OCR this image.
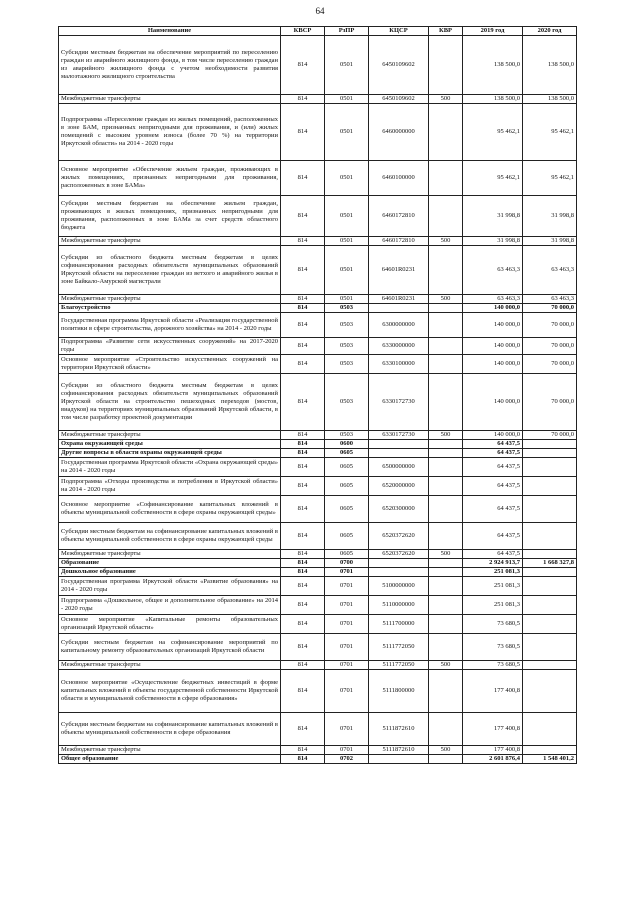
64
Наименование	КВСР	РзПР	КЦСР	КВР	2019 год	2020 год
Субсидии местным бюджетам на обеспечение мероприятий по переселению граждан из аварийного жилищного фонда, в том числе переселению граждан из аварийного жилищного фонда с учетом необходимости развития малоэтажного жилищного строительства	814	0501	6450109602		138 500,0	138 500,0
Межбюджетные трансферты	814	0501	6450109602	500	138 500,0	138 500,0
Подпрограмма «Переселение граждан из жилых помещений, расположенных в зоне БАМ, признанных непригодными для проживания, и (или) жилых помещений с высоким уровнем износа (более 70 %) на территории Иркутской области» на 2014 - 2020 годы	814	0501	6460000000		95 462,1	95 462,1
Основное мероприятие «Обеспечение жильем граждан, проживающих в жилых помещениях, признанных непригодными для проживания, расположенных в зоне БАМа»	814	0501	6460100000		95 462,1	95 462,1
Субсидии местным бюджетам на обеспечение жильем граждан, проживающих в жилых помещениях, признанных непригодными для проживания, расположенных в зоне БАМа за счет средств областного бюджета	814	0501	6460172810		31 998,8	31 998,8
Межбюджетные трансферты	814	0501	6460172810	500	31 998,8	31 998,8
Субсидии из областного бюджета местным бюджетам в целях софинансирования расходных обязательств муниципальных образований Иркутской области на переселение граждан из ветхого и аварийного жилья в зоне Байкало-Амурской магистрали	814	0501	64601R0231		63 463,3	63 463,3
Межбюджетные трансферты	814	0501	64601R0231	500	63 463,3	63 463,3
Благоустройство	814	0503			140 000,0	70 000,0
Государственная программа Иркутской области «Реализация государственной политики в сфере строительства, дорожного хозяйства» на 2014 - 2020 годы	814	0503	6300000000		140 000,0	70 000,0
Подпрограмма «Развитие сети искусственных сооружений» на 2017-2020 годы	814	0503	6330000000		140 000,0	70 000,0
Основное мероприятие «Строительство искусственных сооружений на территории Иркутской области»	814	0503	6330100000		140 000,0	70 000,0
Субсидии из областного бюджета местным бюджетам в целях софинансирования расходных обязательств муниципальных образований Иркутской области на строительство пешеходных переходов (мостов, виадуков) на территориях муниципальных образований Иркутской области, в том числе разработку проектной документации	814	0503	6330172730		140 000,0	70 000,0
Межбюджетные трансферты	814	0503	6330172730	500	140 000,0	70 000,0
Охрана окружающей среды	814	0600			64 437,5	
Другие вопросы в области охраны окружающей среды	814	0605			64 437,5	
Государственная программа Иркутской области «Охрана окружающей среды» на 2014 - 2020 годы	814	0605	6500000000		64 437,5	
Подпрограмма «Отходы производства и потребления в Иркутской области» на 2014 - 2020 годы	814	0605	6520000000		64 437,5	
Основное мероприятие «Софинансирование капитальных вложений в объекты муниципальной собственности в сфере охраны окружающей среды»	814	0605	6520300000		64 437,5	
Субсидии местным бюджетам на софинансирование капитальных вложений в объекты муниципальной собственности в сфере охраны окружающей среды	814	0605	6520372620		64 437,5	
Межбюджетные трансферты	814	0605	6520372620	500	64 437,5	
Образование	814	0700			2 924 913,7	1 668 327,8
Дошкольное образование	814	0701			251 081,3	
Государственная программа Иркутской области «Развитие образования» на 2014 - 2020 годы	814	0701	5100000000		251 081,3	
Подпрограмма «Дошкольное, общее и дополнительное образование» на 2014 - 2020 годы	814	0701	5110000000		251 081,3	
Основное мероприятие «Капитальные ремонты образовательных организаций Иркутской области»	814	0701	5111700000		73 680,5	
Субсидии местным бюджетам на софинансирование мероприятий по капитальному ремонту образовательных организаций Иркутской области	814	0701	5111772050		73 680,5	
Межбюджетные трансферты	814	0701	5111772050	500	73 680,5	
Основное мероприятие «Осуществление бюджетных инвестиций в форме капитальных вложений в объекты государственной собственности Иркутской области и муниципальной собственности в сфере образования»	814	0701	5111800000		177 400,8	
Субсидии местным бюджетам на софинансирование капитальных вложений в объекты муниципальной собственности в сфере образования	814	0701	5111872610		177 400,8	
Межбюджетные трансферты	814	0701	5111872610	500	177 400,8	
Общее образование	814	0702			2 601 876,4	1 548 401,2
